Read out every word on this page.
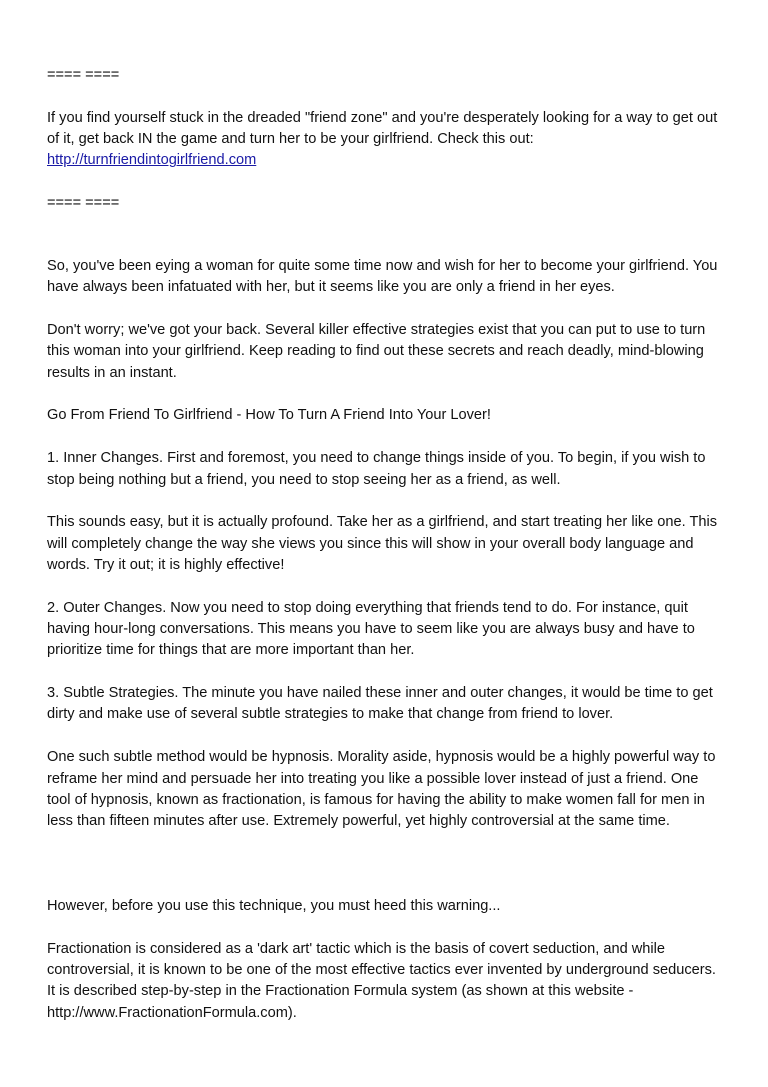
==== ====

If you find yourself stuck in the dreaded "friend zone" and you're desperately looking for a way to get out of it, get back IN the game and turn her to be your girlfriend. Check this out:
http://turnfriendintogirlfriend.com

==== ====

So, you've been eying a woman for quite some time now and wish for her to become your girlfriend. You have always been infatuated with her, but it seems like you are only a friend in her eyes.

Don't worry; we've got your back. Several killer effective strategies exist that you can put to use to turn this woman into your girlfriend. Keep reading to find out these secrets and reach deadly, mind-blowing results in an instant.

Go From Friend To Girlfriend - How To Turn A Friend Into Your Lover!

1. Inner Changes. First and foremost, you need to change things inside of you. To begin, if you wish to stop being nothing but a friend, you need to stop seeing her as a friend, as well.

This sounds easy, but it is actually profound. Take her as a girlfriend, and start treating her like one. This will completely change the way she views you since this will show in your overall body language and words. Try it out; it is highly effective!

2. Outer Changes. Now you need to stop doing everything that friends tend to do. For instance, quit having hour-long conversations. This means you have to seem like you are always busy and have to prioritize time for things that are more important than her.

3. Subtle Strategies. The minute you have nailed these inner and outer changes, it would be time to get dirty and make use of several subtle strategies to make that change from friend to lover.

One such subtle method would be hypnosis. Morality aside, hypnosis would be a highly powerful way to reframe her mind and persuade her into treating you like a possible lover instead of just a friend. One tool of hypnosis, known as fractionation, is famous for having the ability to make women fall for men in less than fifteen minutes after use. Extremely powerful, yet highly controversial at the same time.

However, before you use this technique, you must heed this warning...

Fractionation is considered as a 'dark art' tactic which is the basis of covert seduction, and while controversial, it is known to be one of the most effective tactics ever invented by underground seducers. It is described step-by-step in the Fractionation Formula system (as shown at this website - http://www.FractionationFormula.com).
